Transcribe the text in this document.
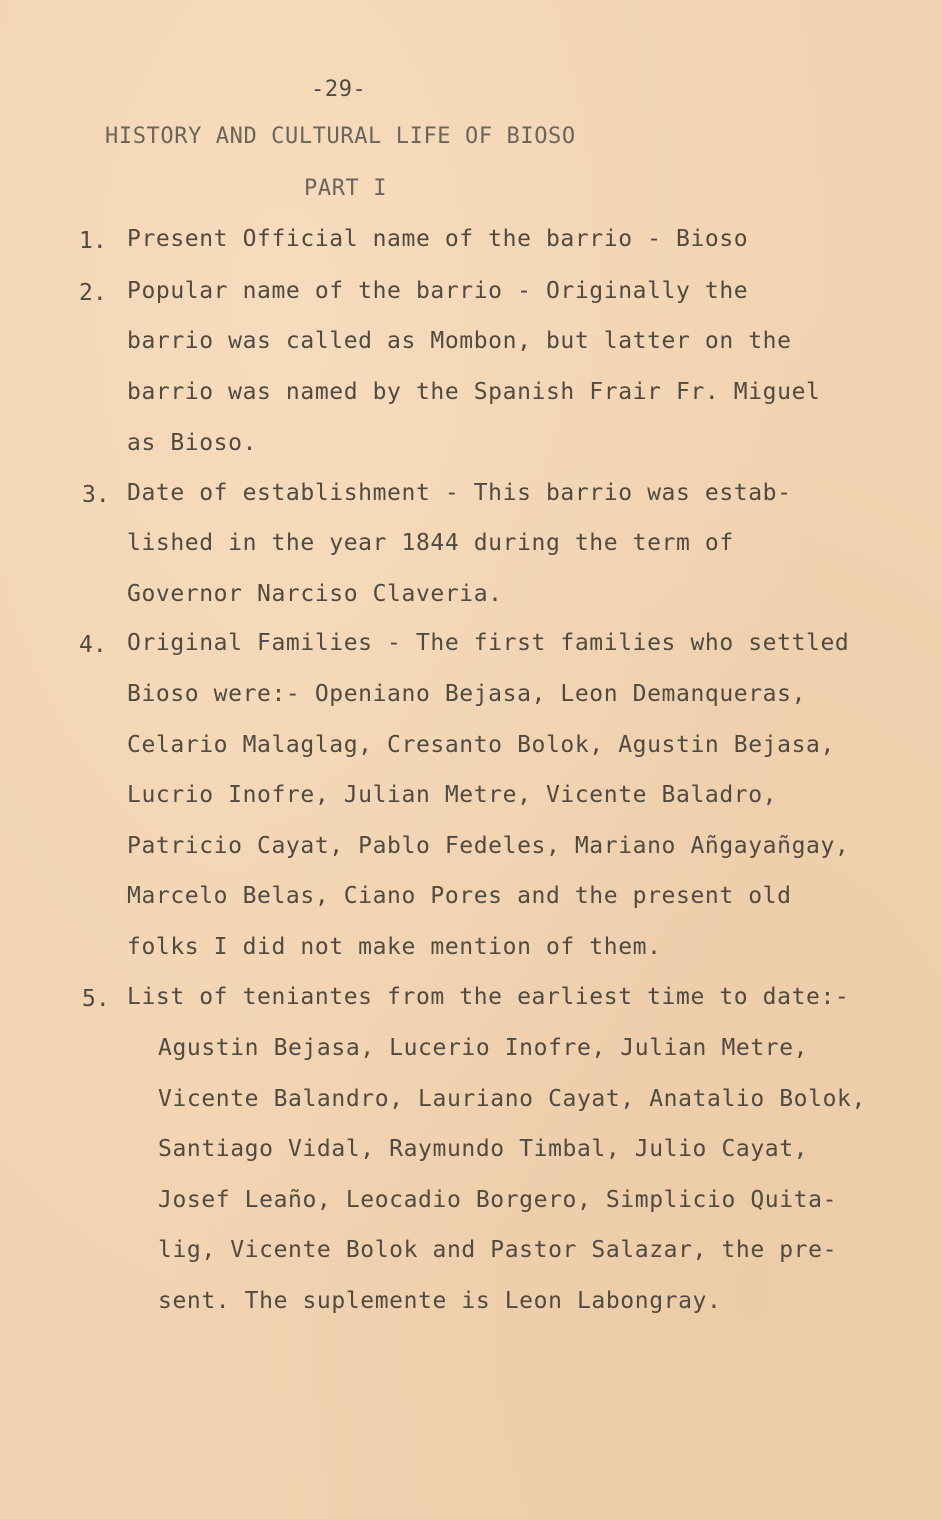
-29-
HISTORY AND CULTURAL LIFE OF BIOSO
PART I
1. Present Official name of the barrio - Bioso
2. Popular name of the barrio - Originally the
barrio was called as Mombon, but latter on the
barrio was named by the Spanish Frair Fr. Miguel
as Bioso.
3. Date of establishment - This barrio was estab-
lished in the year 1844 during the term of
Governor Narciso Claveria.
4. Original Families - The first families who settled
Bioso were:- Openiano Bejasa, Leon Demanqueras,
Celario Malaglag, Cresanto Bolok, Agustin Bejasa,
Lucrio Inofre, Julian Metre, Vicente Baladro,
Patricio Cayat, Pablo Fedeles, Mariano Añgayañgay,
Marcelo Belas, Ciano Pores and the present old
folks I did not make mention of them.
5. List of teniantes from the earliest time to date:-
Agustin Bejasa, Lucerio Inofre, Julian Metre,
Vicente Balandro, Lauriano Cayat, Anatalio Bolok,
Santiago Vidal, Raymundo Timbal, Julio Cayat,
Josef Leaño, Leocadio Borgero, Simplicio Quita-
lig, Vicente Bolok and Pastor Salazar, the pre-
sent. The suplemente is Leon Labongray.
